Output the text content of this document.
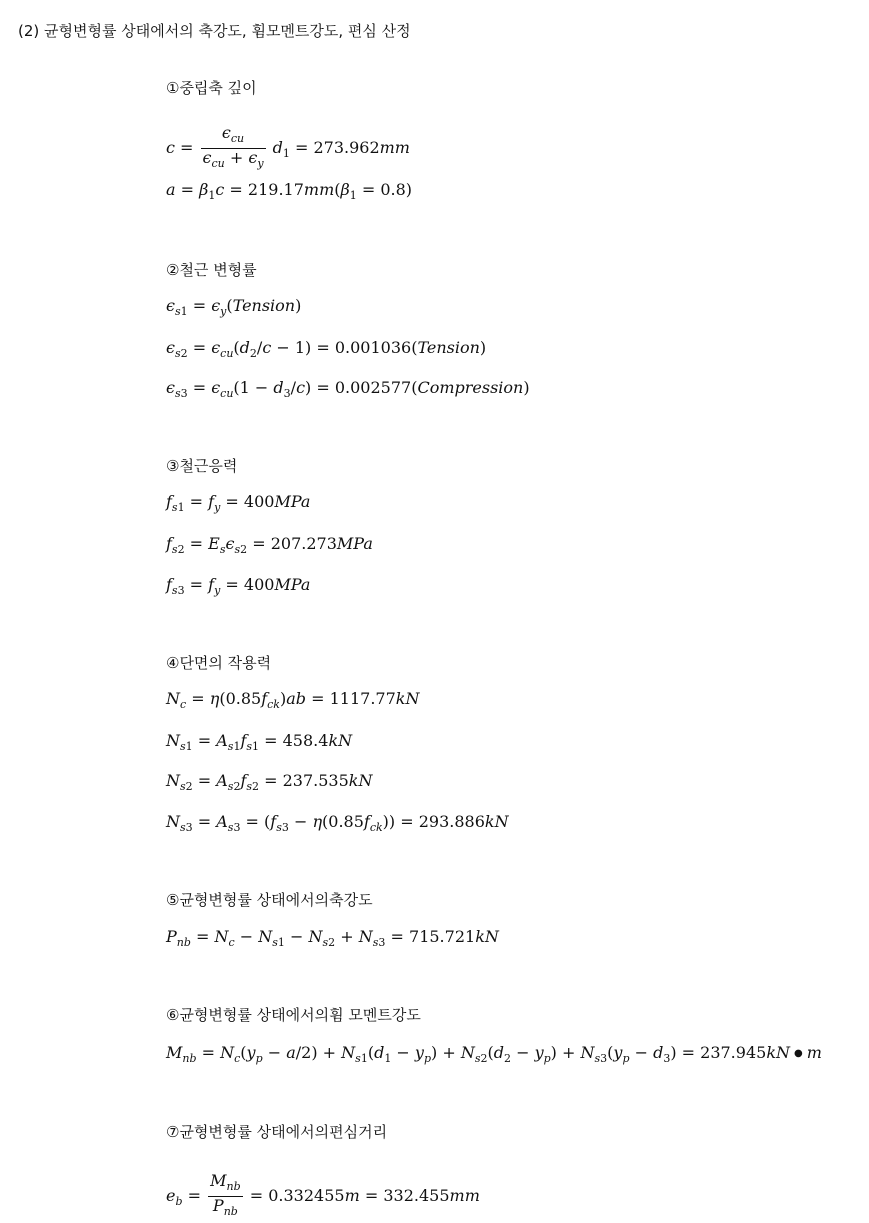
(2) 균형변형률 상태에서의 축강도, 휨모멘트강도, 편심 산정
①중립축 깊이
$c = \frac{\epsilon_{cu}}{\epsilon_{cu} + \epsilon_y} d_1 = 273.962mm$
$a = \beta_1c = 219.17mm(\beta_1 = 0.8)$
②철근 변형률
$\epsilon_{s1}$ = $\epsilon_y(Tension)$
$\epsilon_{s2} = \epsilon_{cu}(d_2/c - 1)$ = 0.001036(Tension)
$\epsilon_{s3} = \epsilon_{cu}(1 - d_3/c)$ = 0.002577(Compression)
③철근응력
$f_{s1} = f_y = 400MPa$
$f_{s2} = E_s\epsilon_{s2} = 207.273MPa$
$f_{s3} = f_y = 400MPa$
④단면의 작용력
$N_c = \eta(0.85f_{ck})ab = 1117.77kN$
$N_{s1} = A_{s1}f_{s1} = 458.4kN$
$N_{s2} = A_{s2}f_{s2} = 237.535kN$
$N_{s3} = A_{s3} = (f_{s3} - \eta(0.85f_{ck})) = 293.886kN$
⑤균형변형률 상태에서의축강도
$P_{nb} = N_c - N_{s1} - N_{s2} + N_{s3} = 715.721kN$
⑥균형변형률 상태에서의휨 모멘트강도
$M_{nb} = N_c(y_p - a/2) + N_{s1}(d_1 - y_p) + N_{s2}(d_2 - y_p) + N_{s3}(y_p - d_3) = 237.945kN$ ● m
⑦균형변형률 상태에서의편심거리
$e_b = \frac{M_{nb}}{P_{nb}} = 0.332455m = 332.455mm$
